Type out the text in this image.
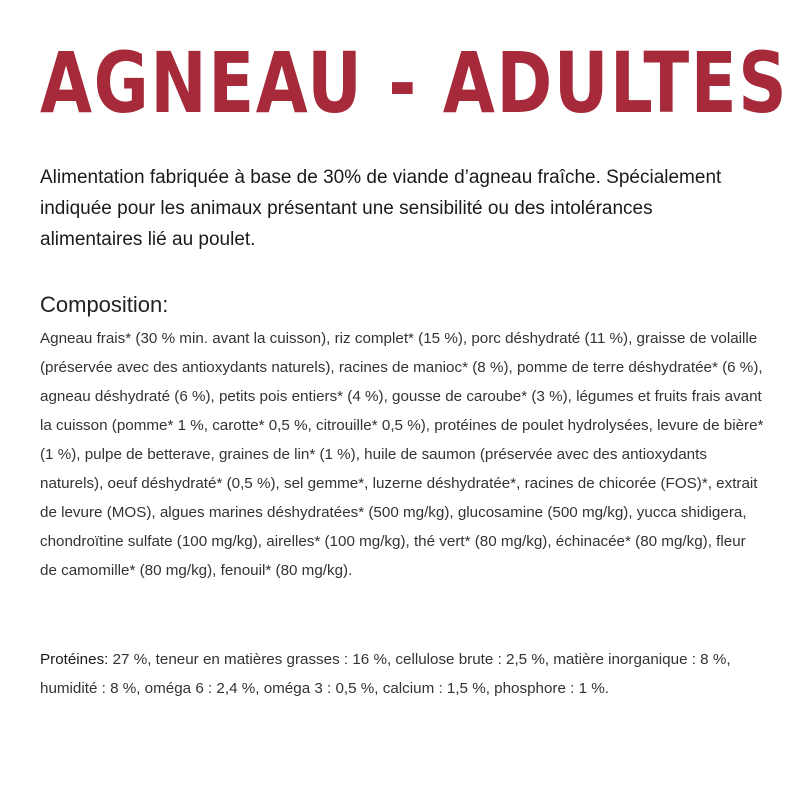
AGNEAU - ADULTES

Alimentation fabriquée à base de 30% de viande d’agneau fraîche. Spécialement indiquée pour les animaux présentant une sensibilité ou des intolérances alimentaires lié au poulet.

Composition:

Agneau frais* (30 % min. avant la cuisson), riz complet* (15 %), porc déshydraté (11 %), graisse de volaille (préservée avec des antioxydants naturels), racines de manioc* (8 %), pomme de terre déshydratée* (6 %), agneau déshydraté (6 %), petits pois entiers* (4 %), gousse de caroube* (3 %), légumes et fruits frais avant la cuisson (pomme* 1 %, carotte* 0,5 %, citrouille* 0,5 %), protéines de poulet hydrolysées, levure de bière* (1 %), pulpe de betterave, graines de lin* (1 %), huile de saumon (préservée avec des antioxydants naturels), oeuf déshydraté* (0,5 %), sel gemme*, luzerne déshydratée*, racines de chicorée (FOS)*, extrait de levure (MOS), algues marines déshydratées* (500 mg/kg), glucosamine (500 mg/kg), yucca shidigera, chondroïtine sulfate (100 mg/kg), airelles* (100 mg/kg), thé vert* (80 mg/kg), échinacée* (80 mg/kg), fleur de camomille* (80 mg/kg), fenouil* (80 mg/kg).

Protéines: 27 %, teneur en matières grasses : 16 %, cellulose brute : 2,5 %, matière inorganique : 8 %, humidité : 8 %, oméga 6 : 2,4 %, oméga 3 : 0,5 %, calcium : 1,5 %, phosphore : 1 %.
